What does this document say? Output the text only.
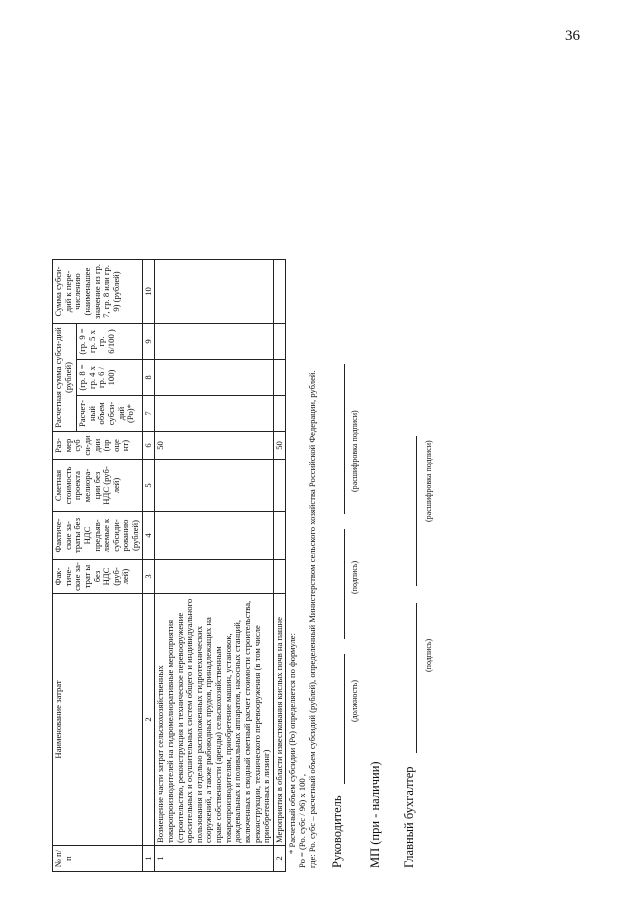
36
№ п/п	Наименование затрат	Фак-тиче-ские за-трат ы без НДС (руб-лей)	Фактиче-ские за-траты без НДС предъяв-ляемые к субсиди-рованию (рублей)	Сметная стоимость проекта мелиора-ции без НДС (руб-лей)	Раз-мер суб си-ди дии (пр оце нт)	Расчетная сумма субси-дий (рублей)			Сумма субси-дий к пере-числению (наименьшее значение из гр. 7, гр. 8 или гр. 9) (рублей)	
						Расчет-ный объем субси-дий (Ро)*	(гр. 8 = гр. 4 х гр. 6 / 100)	(гр. 9 = гр. 5 х гр. 6/100 )		
1	2	3	4	5	6	7	8	9	10	
1	Возмещение части затрат сельскохозяйственных товаропроизводителей на гидромелиоративные мероприятия (строительство, реконструкция и техническое перевооружение оросительных и осушительных систем общего и индивидуального пользования и отдельно расположенных гидротехнических сооружений, а также рыбоводных прудов, принадлежащих на праве собственности (аренды) сельскохозяйственным товаропроизводителям, приобретение машин, установок, дождевальных и поливальных аппаратов, насосных станций, включенных в сводный сметный расчет стоимости строительства, реконструкции, технического перевооружения (в том числе приобретенных в лизинг)				50					
2	Мероприятия в области известкования кислых почв на пашне				50					
* Расчетный объем субсидии (Ро) определяется по формуле: Ро = (Ро. субс / 96) х 100 , где: Ро. субс – расчетный объем субсидий (рублей), определенный Министерством сельского хозяйства Российской Федерации, рублей. Руководитель
(должность)
(подпись)
(расшифровка подписи)
МП (при - наличии) Главный бухгалтер
(подпись)
(расшифровка подписи)
